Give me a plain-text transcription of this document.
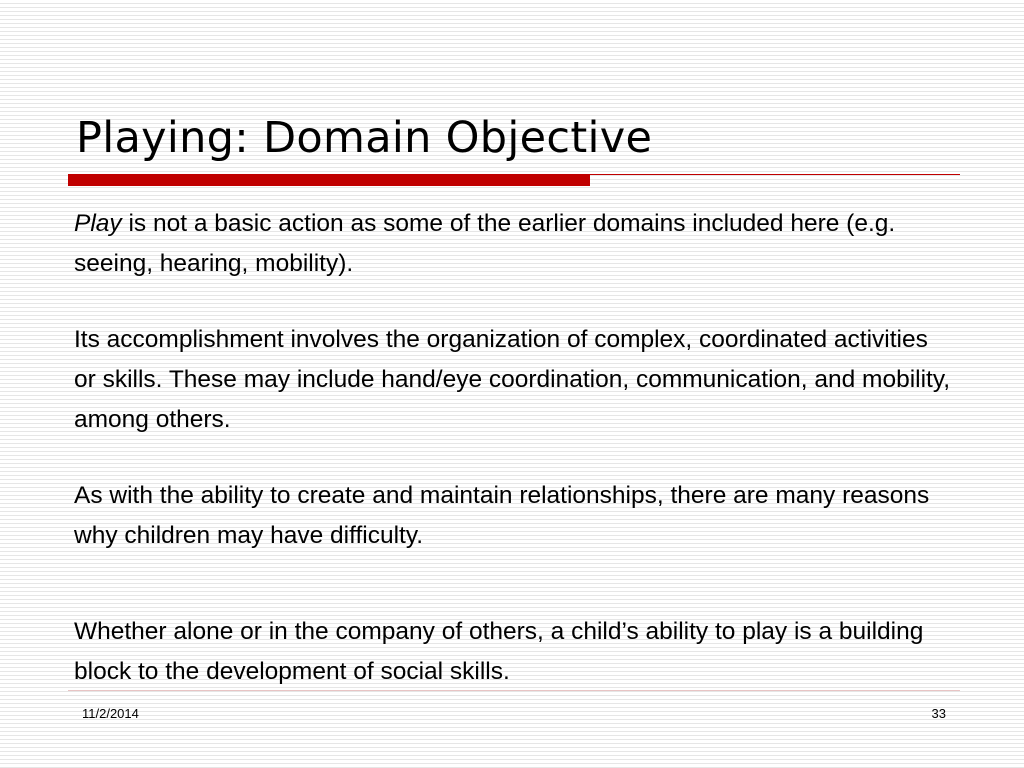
Playing: Domain Objective

Play is not a basic action as some of the earlier domains included here (e.g. seeing, hearing, mobility).

Its accomplishment involves the organization of complex, coordinated activities or skills. These may include hand/eye coordination, communication, and mobility, among others.

As with the ability to create and maintain relationships, there are many reasons why children may have difficulty.

Whether alone or in the company of others, a child’s ability to play is a building block to the development of social skills.

11/2/2014	33
